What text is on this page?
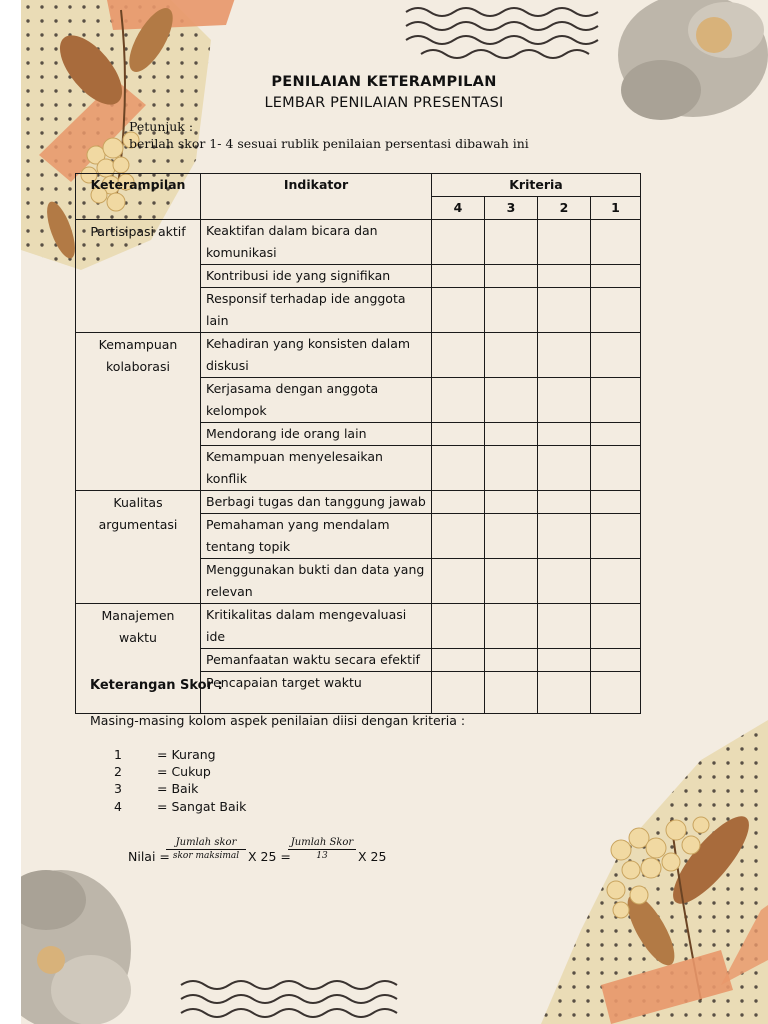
PENILAIAN KETERAMPILAN
LEMBAR PENILAIAN PRESENTASI
Petunjuk :
berilah skor 1- 4 sesuai rublik penilaian persentasi dibawah ini
Keterampilan	Indikator	Kriteria			
		4	3	2	1
Partisipasi aktif	Keaktifan dalam bicara dan komunikasi				
	Kontribusi ide yang signifikan				
	Responsif terhadap ide anggota lain				
Kemampuan kolaborasi	Kehadiran yang konsisten dalam diskusi				
	Kerjasama dengan anggota kelompok				
	Mendorang ide orang lain				
	Kemampuan menyelesaikan konflik				
Kualitas argumentasi	Berbagi tugas dan tanggung jawab				
	Pemahaman yang mendalam tentang topik				
	Menggunakan bukti dan data yang relevan				
Manajemen waktu	Kritikalitas dalam mengevaluasi ide				
	Pemanfaatan waktu secara efektif				
	Pencapaian target waktu				
Keterangan Skor :
Masing-masing kolom aspek penilaian diisi dengan kriteria :
1	= Kurang
2	= Cukup
3	= Baik
4	= Sangat Baik
Nilai =
Jumlah skor
skor maksimal X 25 =
Jumlah Skor
13	X 25
